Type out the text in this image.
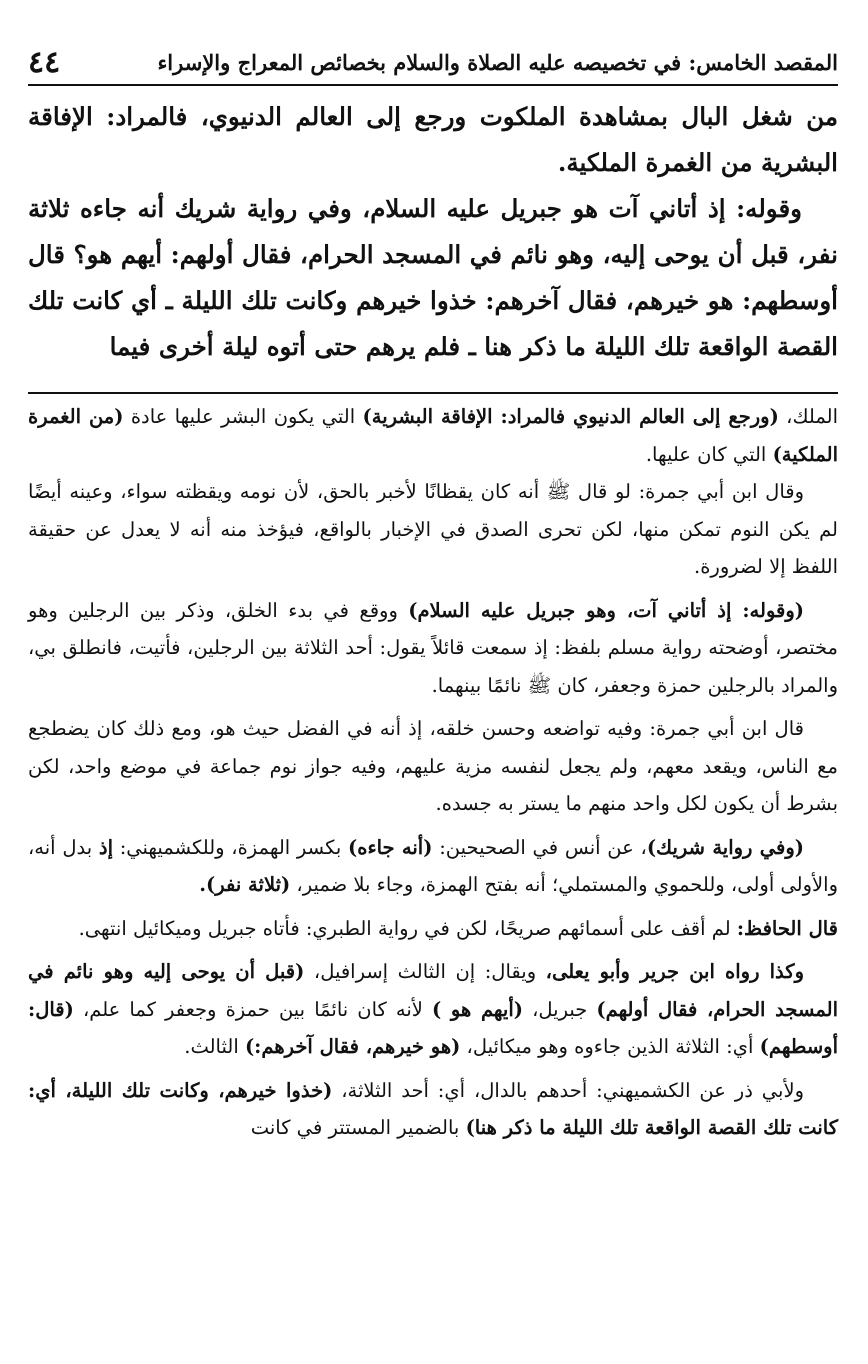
المقصد الخامس: في تخصيصه عليه الصلاة والسلام بخصائص المعراج والإسراء
٤٤

من شغل البال بمشاهدة الملكوت ورجع إلى العالم الدنيوي، فالمراد: الإفاقة البشرية من الغمرة الملكية.

وقوله: إذ أتاني آت هو جبريل عليه السلام، وفي رواية شريك أنه جاءه ثلاثة نفر، قبل أن يوحى إليه، وهو نائم في المسجد الحرام، فقال أولهم: أيهم هو؟ قال أوسطهم: هو خيرهم، فقال آخرهم: خذوا خيرهم وكانت تلك الليلة ـ أي كانت تلك القصة الواقعة تلك الليلة ما ذكر هنا ـ فلم يرهم حتى أتوه ليلة أخرى فيما

الملك، (ورجع إلى العالم الدنيوي فالمراد: الإفاقة البشرية) التي يكون البشر عليها عادة (من الغمرة الملكية) التي كان عليها.

وقال ابن أبي جمرة: لو قال ﷺ أنه كان يقظانًا لأخبر بالحق، لأن نومه ويقظته سواء، وعينه أيضًا لم يكن النوم تمكن منها، لكن تحرى الصدق في الإخبار بالواقع، فيؤخذ منه أنه لا يعدل عن حقيقة اللفظ إلا لضرورة.

(وقوله: إذ أتاني آت، وهو جبريل عليه السلام) ووقع في بدء الخلق، وذكر بين الرجلين وهو مختصر، أوضحته رواية مسلم بلفظ: إذ سمعت قائلاً يقول: أحد الثلاثة بين الرجلين، فأتيت، فانطلق بي، والمراد بالرجلين حمزة وجعفر، كان ﷺ نائمًا بينهما.

قال ابن أبي جمرة: وفيه تواضعه وحسن خلقه، إذ أنه في الفضل حيث هو، ومع ذلك كان يضطجع مع الناس، ويقعد معهم، ولم يجعل لنفسه مزية عليهم، وفيه جواز نوم جماعة في موضع واحد، لكن بشرط أن يكون لكل واحد منهم ما يستر به جسده.

(وفي رواية شريك)، عن أنس في الصحيحين: (أنه جاءه) بكسر الهمزة، وللكشميهني: إذ بدل أنه، والأولى أولى، وللحموي والمستملي؛ أنه بفتح الهمزة، وجاء بلا ضمير، (ثلاثة نفر).

قال الحافظ: لم أقف على أسمائهم صريحًا، لكن في رواية الطبري: فأتاه جبريل وميكائيل انتهى.

وكذا رواه ابن جرير وأبو يعلى، ويقال: إن الثالث إسرافيل، (قبل أن يوحى إليه وهو نائم في المسجد الحرام، فقال أولهم) جبريل، (أيهم هو ) لأنه كان نائمًا بين حمزة وجعفر كما علم، (قال: أوسطهم) أي: الثلاثة الذين جاءوه وهو ميكائيل، (هو خيرهم، فقال آخرهم:) الثالث.

ولأبي ذر عن الكشميهني: أحدهم بالدال، أي: أحد الثلاثة، (خذوا خيرهم، وكانت تلك الليلة، أي: كانت تلك القصة الواقعة تلك الليلة ما ذكر هنا) بالضمير المستتر في كانت
